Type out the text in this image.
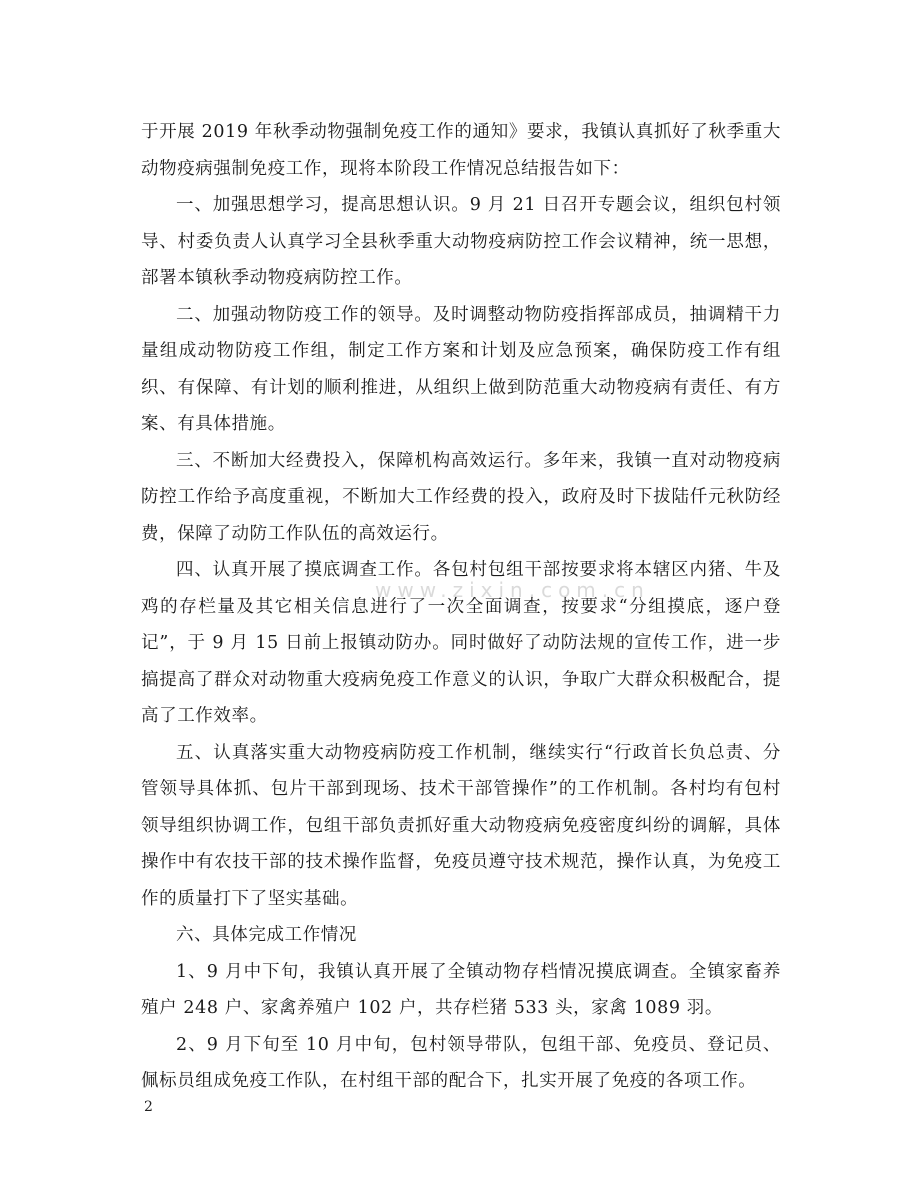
于开展 2019 年秋季动物强制免疫工作的通知》要求，我镇认真抓好了秋季重大动物疫病强制免疫工作，现将本阶段工作情况总结报告如下：

一、加强思想学习，提高思想认识。9 月 21 日召开专题会议，组织包村领导、村委负责人认真学习全县秋季重大动物疫病防控工作会议精神，统一思想，部署本镇秋季动物疫病防控工作。

二、加强动物防疫工作的领导。及时调整动物防疫指挥部成员，抽调精干力量组成动物防疫工作组，制定工作方案和计划及应急预案，确保防疫工作有组织、有保障、有计划的顺利推进，从组织上做到防范重大动物疫病有责任、有方案、有具体措施。

三、不断加大经费投入，保障机构高效运行。多年来，我镇一直对动物疫病防控工作给予高度重视，不断加大工作经费的投入，政府及时下拔陆仟元秋防经费，保障了动防工作队伍的高效运行。

四、认真开展了摸底调查工作。各包村包组干部按要求将本辖区内猪、牛及鸡的存栏量及其它相关信息进行了一次全面调查，按要求“分组摸底，逐户登记”，于 9 月 15 日前上报镇动防办。同时做好了动防法规的宣传工作，进一步搞提高了群众对动物重大疫病免疫工作意义的认识，争取广大群众积极配合，提高了工作效率。

五、认真落实重大动物疫病防疫工作机制，继续实行“行政首长负总责、分管领导具体抓、包片干部到现场、技术干部管操作”的工作机制。各村均有包村领导组织协调工作，包组干部负责抓好重大动物疫病免疫密度纠纷的调解，具体操作中有农技干部的技术操作监督，免疫员遵守技术规范，操作认真，为免疫工作的质量打下了坚实基础。

六、具体完成工作情况

1、9 月中下旬，我镇认真开展了全镇动物存档情况摸底调查。全镇家畜养殖户 248 户、家禽养殖户 102 户，共存栏猪 533 头，家禽 1089 羽。

2、9 月下旬至 10 月中旬，包村领导带队，包组干部、免疫员、登记员、佩标员组成免疫工作队，在村组干部的配合下，扎实开展了免疫的各项工作。

www.zixin.com.cn
2
